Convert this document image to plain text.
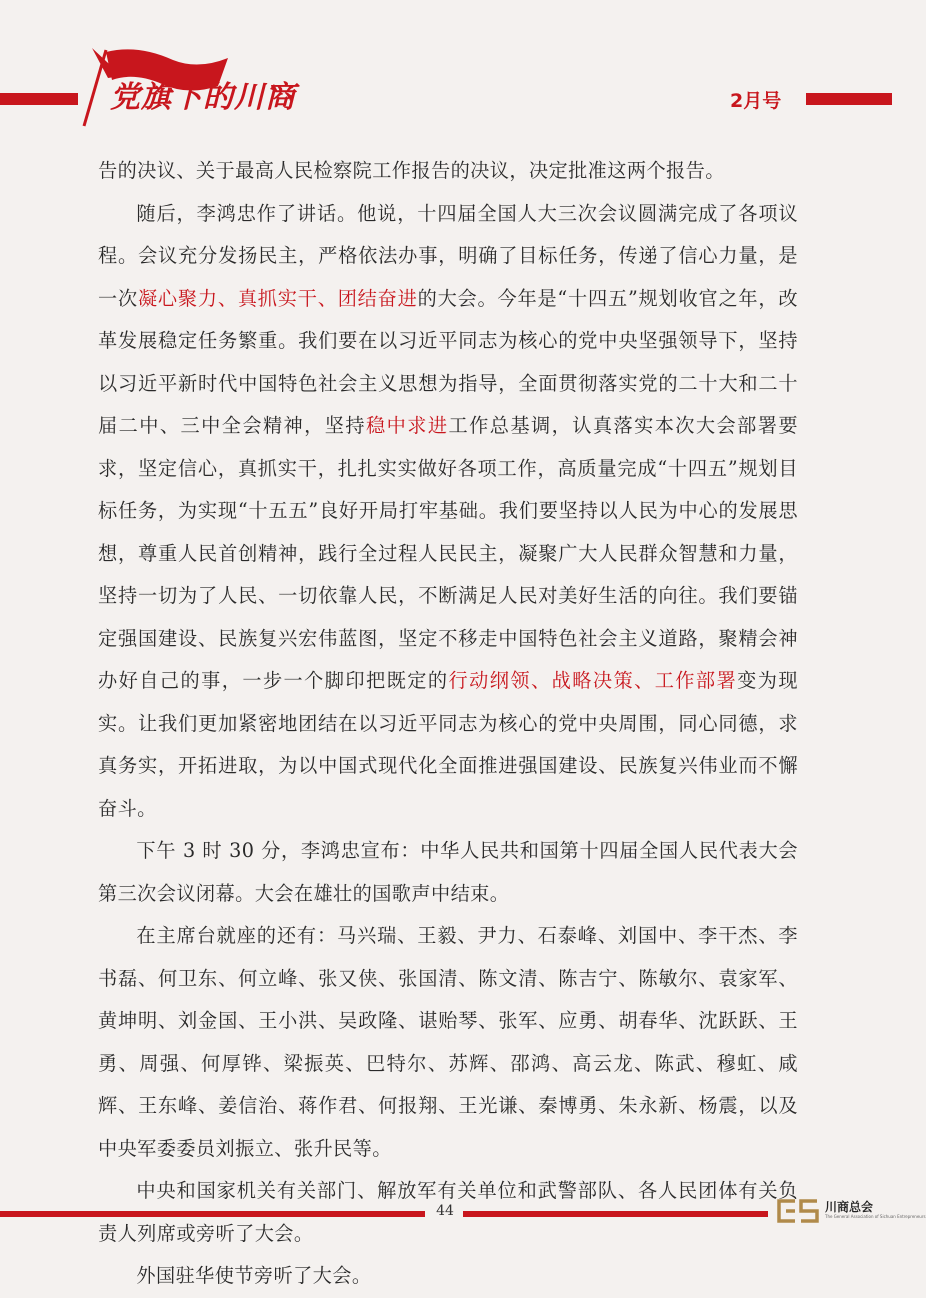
党旗下的川商	2月号

告的决议、关于最高人民检察院工作报告的决议，决定批准这两个报告。

随后，李鸿忠作了讲话。他说，十四届全国人大三次会议圆满完成了各项议程。会议充分发扬民主，严格依法办事，明确了目标任务，传递了信心力量，是一次凝心聚力、真抓实干、团结奋进的大会。今年是“十四五”规划收官之年，改革发展稳定任务繁重。我们要在以习近平同志为核心的党中央坚强领导下，坚持以习近平新时代中国特色社会主义思想为指导，全面贯彻落实党的二十大和二十届二中、三中全会精神，坚持稳中求进工作总基调，认真落实本次大会部署要求，坚定信心，真抓实干，扎扎实实做好各项工作，高质量完成“十四五”规划目标任务，为实现“十五五”良好开局打牢基础。我们要坚持以人民为中心的发展思想，尊重人民首创精神，践行全过程人民民主，凝聚广大人民群众智慧和力量，坚持一切为了人民、一切依靠人民，不断满足人民对美好生活的向往。我们要锚定强国建设、民族复兴宏伟蓝图，坚定不移走中国特色社会主义道路，聚精会神办好自己的事，一步一个脚印把既定的行动纲领、战略决策、工作部署变为现实。让我们更加紧密地团结在以习近平同志为核心的党中央周围，同心同德，求真务实，开拓进取，为以中国式现代化全面推进强国建设、民族复兴伟业而不懈奋斗。

下午 3 时 30 分，李鸿忠宣布：中华人民共和国第十四届全国人民代表大会第三次会议闭幕。大会在雄壮的国歌声中结束。

在主席台就座的还有：马兴瑞、王毅、尹力、石泰峰、刘国中、李干杰、李书磊、何卫东、何立峰、张又侠、张国清、陈文清、陈吉宁、陈敏尔、袁家军、黄坤明、刘金国、王小洪、吴政隆、谌贻琴、张军、应勇、胡春华、沈跃跃、王勇、周强、何厚铧、梁振英、巴特尔、苏辉、邵鸿、高云龙、陈武、穆虹、咸辉、王东峰、姜信治、蒋作君、何报翔、王光谦、秦博勇、朱永新、杨震，以及中央军委委员刘振立、张升民等。

中央和国家机关有关部门、解放军有关单位和武警部队、各人民团体有关负责人列席或旁听了大会。

外国驻华使节旁听了大会。

44	川商总会
The General Association of Sichuan Entrepreneurs
